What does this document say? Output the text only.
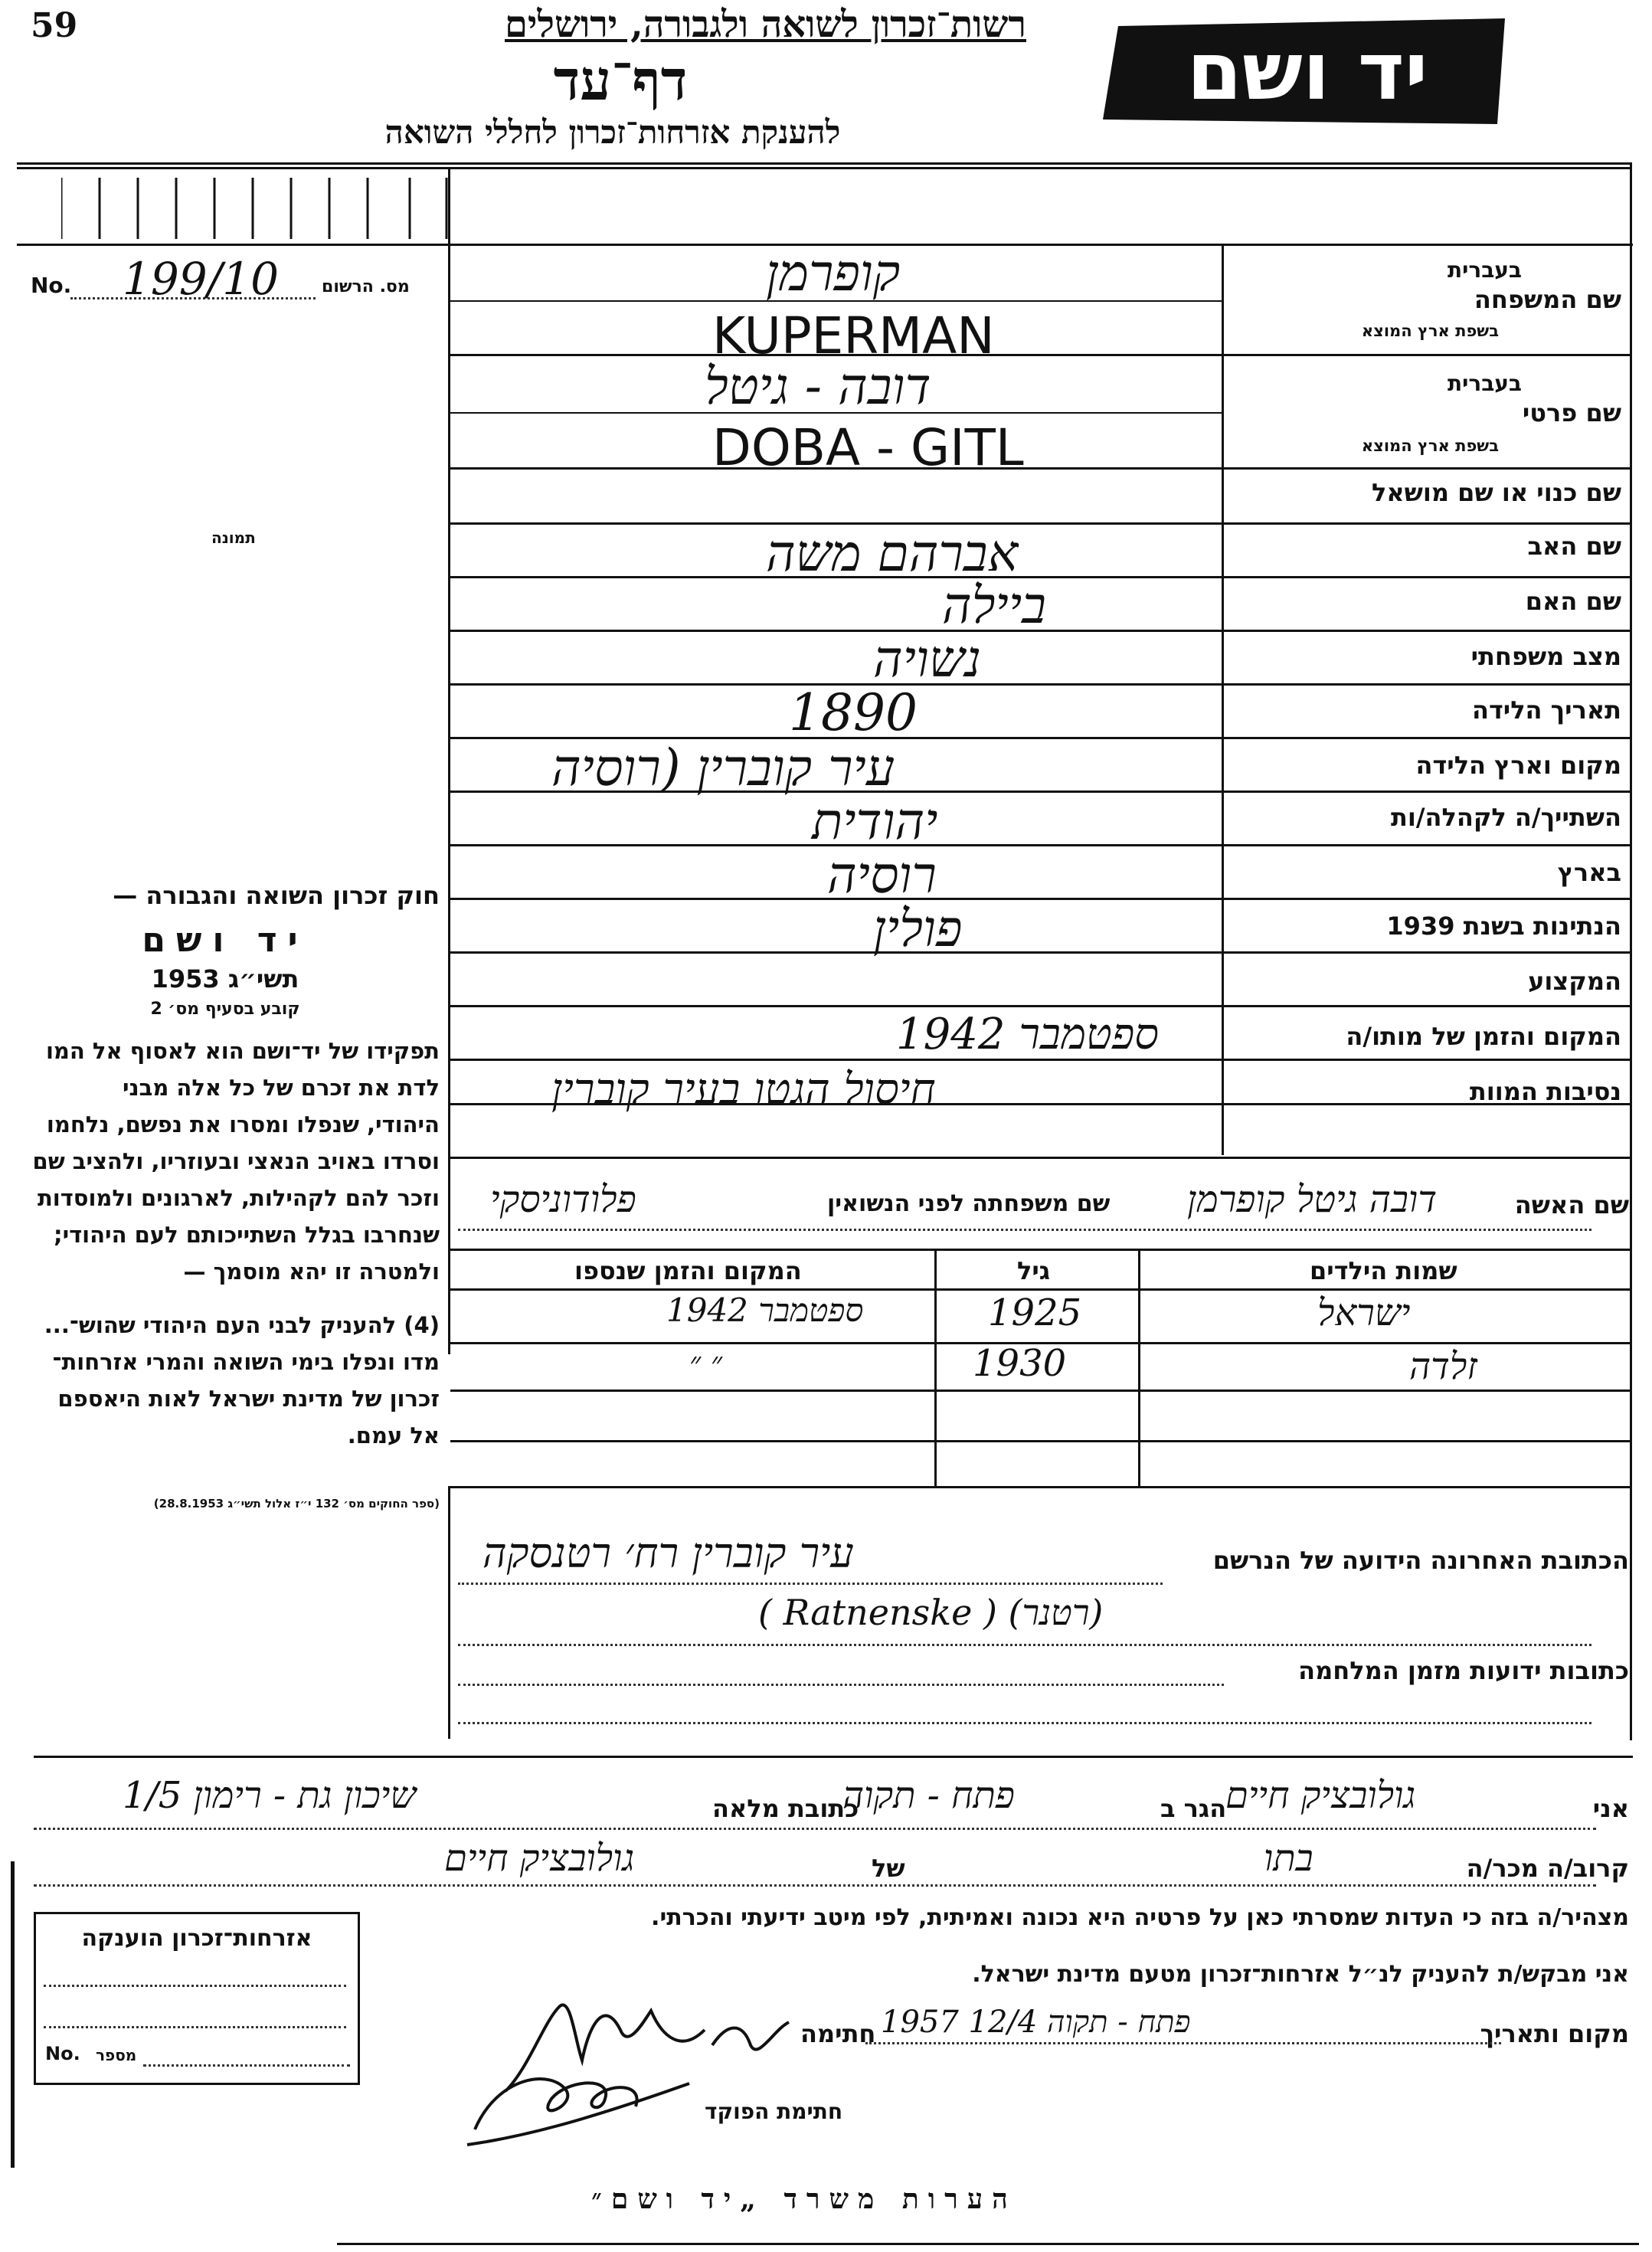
59	רשות־זכרון לשואה ולגבורה, ירושלים
דף־עד
להענקת אזרחות־זכרון לחללי השואה
יד ושם
No. 199/10	מס. הרשום
תמונה
שם המשפחה
בעברית
בשפת ארץ המוצא
קופרמן
KUPERMAN
שם פרטי
בעברית
בשפת ארץ המוצא
דובה - גיטל
DOBA - GITL
שם כנוי או שם מושאל
שם האב
אברהם משה
שם האם
ביילה
מצב משפחתי
נשויה
תאריך הלידה
1890
מקום וארץ הלידה
עיר קוברין (רוסיה
השתייך/ה לקהלה/ות
יהודית
בארץ
רוסיה
הנתינות בשנת 1939
פולין
המקצוע
המקום והזמן של מותו/ה
ספטמבר 1942
נסיבות המוות
חיסול הגטו בעיר קוברין
שם האשה
דובה גיטל קופרמן
שם משפחתה לפני הנשואין
פלודוניסקי
שמות הילדים
גיל
המקום והזמן שנספו
ישראל
1925
ספטמבר 1942
זלדה
1930
״ ״
חוק זכרון השואה והגבורה —
יד ושם
תשי״ג 1953
קובע בסעיף מס׳ 2
תפקידו של יד־ושם הוא לאסוף אל המו
לדת את זכרם של כל אלה מבני
היהודי, שנפלו ומסרו את נפשם, נלחמו
וסרדו באויב הנאצי ובעוזריו, ולהציב שם
וזכר להם לקהילות, לארגונים ולמוסדות
שנחרבו בגלל השתייכותם לעם היהודי;
ולמטרה זו יהא מוסמך —
(4) להעניק לבני העם היהודי שהוש־...
מדו ונפלו בימי השואה והמרי אזרחות־
זכרון של מדינת ישראל לאות היאספם
אל עמם.
(ספר החוקים מס׳ 132 י״ז אלול תשי״ג 28.8.1953)
הכתובת האחרונה הידועה של הנרשם
עיר קוברין רח׳ רטנסקה
( Ratnenske ) (רטנר)
כתובות ידועות מזמן המלחמה
אני
גולובציק חיים
הגר ב
פתח - תקוה
כתובת מלאה
שיכון גת - רימון 1/5
קרוב/ה מכר/ה
בתו
של
גולובציק חיים
מצהיר/ה בזה כי העדות שמסרתי כאן על פרטיה היא נכונה ואמיתית, לפי מיטב ידיעתי והכרתי.
אני מבקש/ת להעניק לנ״ל אזרחות־זכרון מטעם מדינת ישראל.
מקום ותאריך
פתח - תקוה 12/4 1957
חתימה
חתימת הפוקד
אזרחות־זכרון הוענקה
No. מספר
הערות משרד „יד ושם״
